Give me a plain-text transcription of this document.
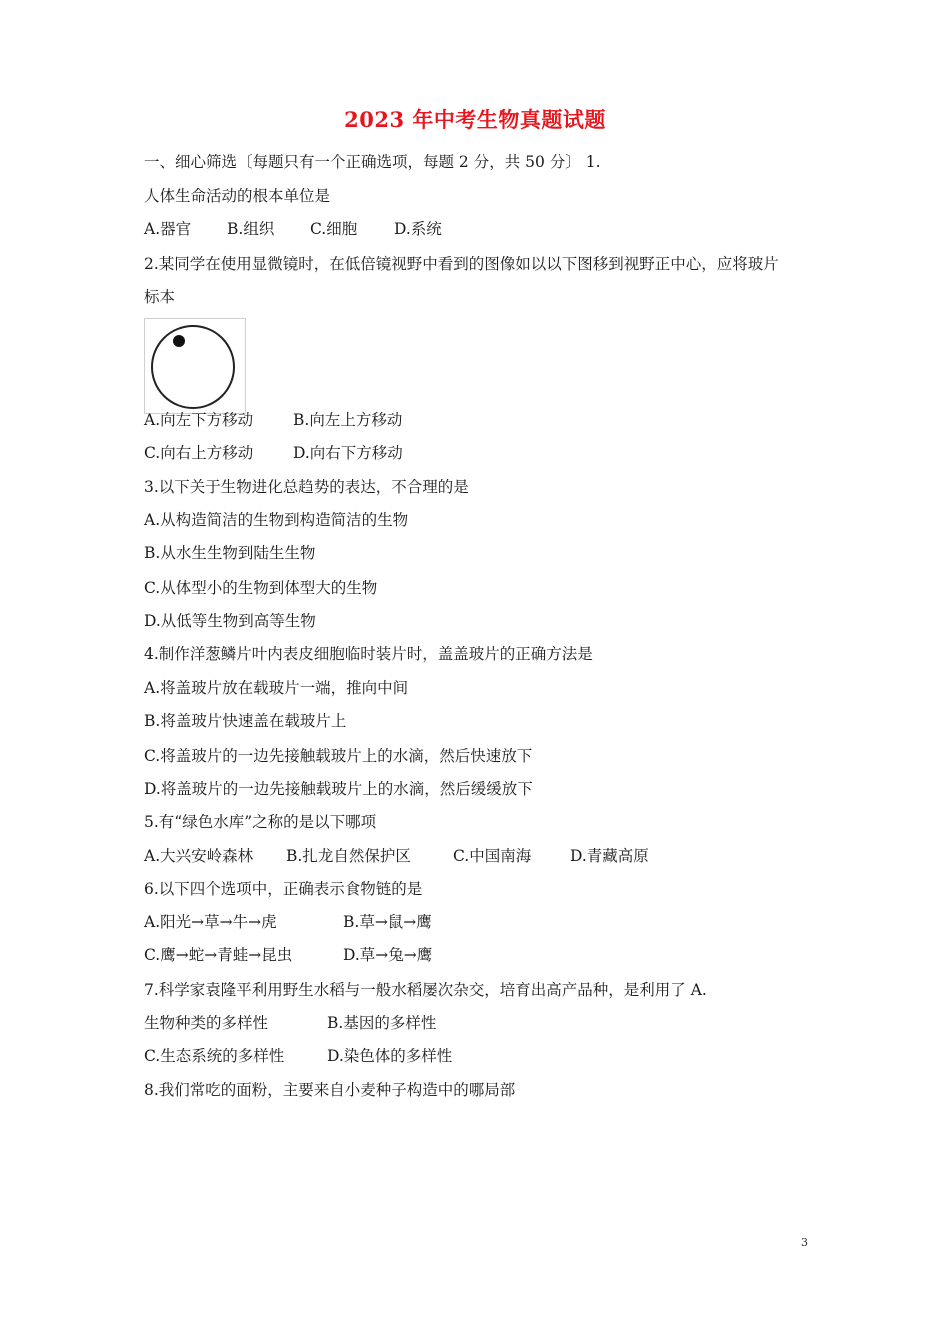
2023 年中考生物真题试题
一、细心筛选〔每题只有一个正确选项，每题 2 分，共 50 分〕 1.
人体生命活动的根本单位是
A.器官 B.组织 C.细胞 D.系统
2.某同学在使用显微镜时，在低倍镜视野中看到的图像如以以下图移到视野正中心，应将玻片
标本
A.向左下方移动	B.向左上方移动
C.向右上方移动	D.向右下方移动
3.以下关于生物进化总趋势的表达，不合理的是
A.从构造简洁的生物到构造简洁的生物
B.从水生生物到陆生生物
C.从体型小的生物到体型大的生物
D.从低等生物到高等生物
4.制作洋葱鳞片叶内表皮细胞临时装片时，盖盖玻片的正确方法是
A.将盖玻片放在载玻片一端，推向中间
B.将盖玻片快速盖在载玻片上
C.将盖玻片的一边先接触载玻片上的水滴，然后快速放下
D.将盖玻片的一边先接触载玻片上的水滴，然后缓缓放下
5.有“绿色水库”之称的是以下哪项
A.大兴安岭森林 B.扎龙自然保护区	C.中国南海	D.青藏高原
6.以下四个选项中，正确表示食物链的是
A.阳光→草→牛→虎	B.草→鼠→鹰
C.鹰→蛇→青蛙→昆虫	D.草→兔→鹰
7.科学家袁隆平利用野生水稻与一般水稻屡次杂交，培育出高产品种，是利用了 A.
生物种类的多样性	B.基因的多样性
C.生态系统的多样性	D.染色体的多样性
8.我们常吃的面粉，主要来自小麦种子构造中的哪局部
3
